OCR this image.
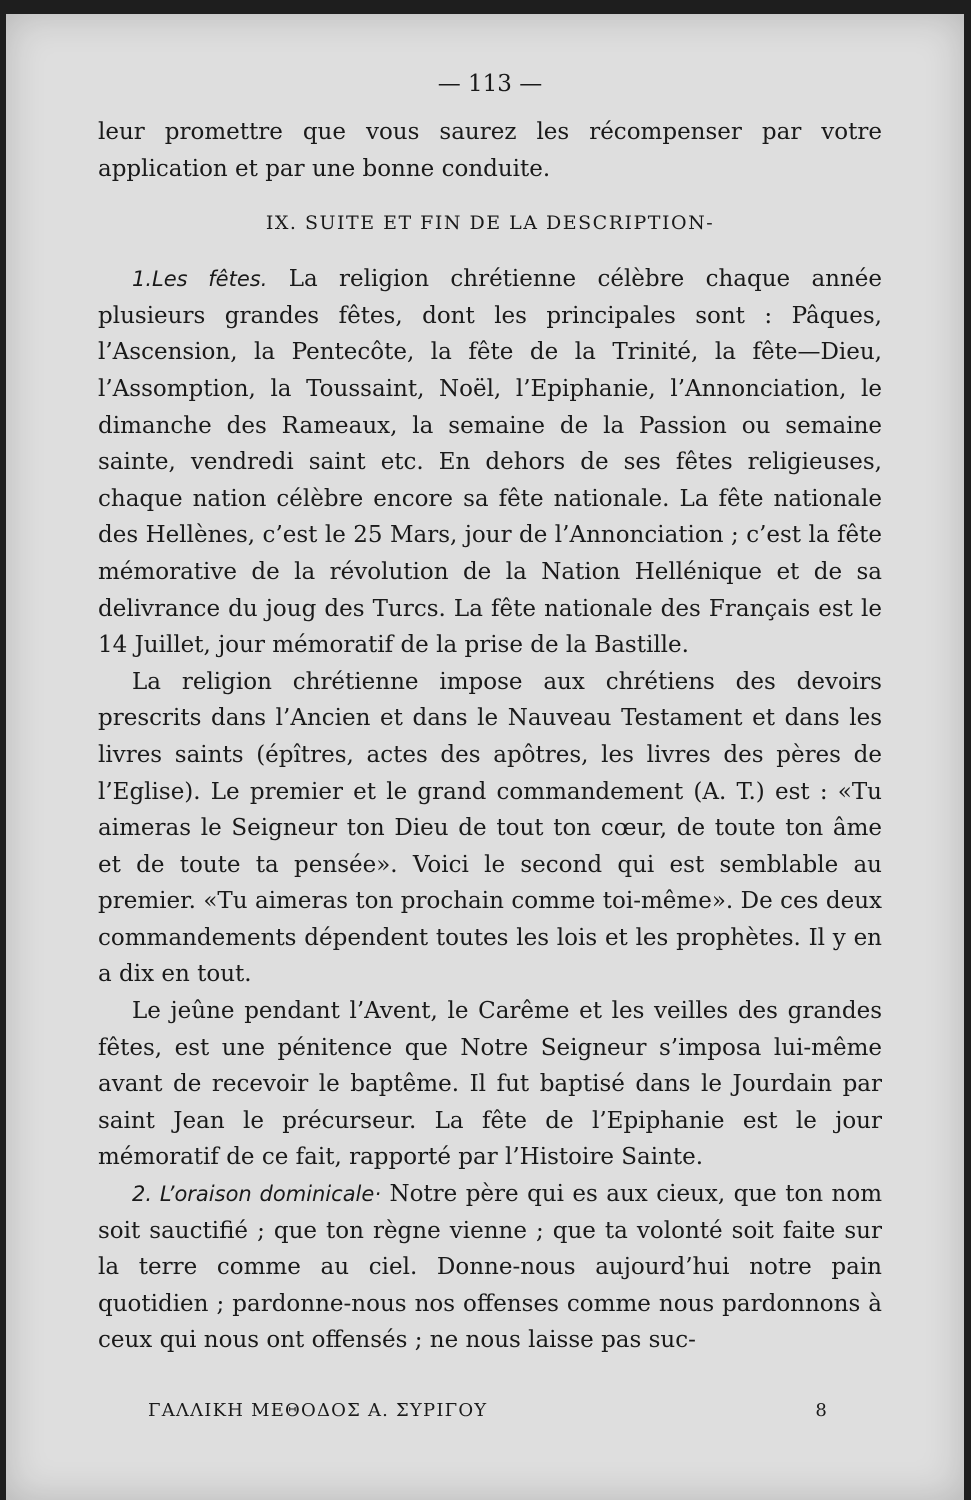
— 113 —

leur promettre que vous saurez les récompenser par votre application et par une bonne conduite.

IX. SUITE ET FIN DE LA DESCRIPTION-

1.Les fêtes. La religion chrétienne célèbre chaque année plusieurs grandes fêtes, dont les principales sont : Pâques, l’Ascension, la Pentecôte, la fête de la Trinité, la fête—Dieu, l’Assomption, la Toussaint, Noël, l’Epiphanie, l’Annonciation, le dimanche des Rameaux, la semaine de la Passion ou semaine sainte, vendredi saint etc. En dehors de ses fêtes religieuses, chaque nation célèbre encore sa fête nationale. La fête nationale des Hellènes, c’est le 25 Mars, jour de l’Annonciation ; c’est la fête mémorative de la révolution de la Nation Hellénique et de sa delivrance du joug des Turcs. La fête nationale des Français est le 14 Juillet, jour mémoratif de la prise de la Bastille.

La religion chrétienne impose aux chrétiens des devoirs prescrits dans l’Ancien et dans le Nauveau Testament et dans les livres saints (épîtres, actes des apôtres, les livres des pères de l’Eglise). Le premier et le grand commandement (A. T.) est : «Tu aimeras le Seigneur ton Dieu de tout ton cœur, de toute ton âme et de toute ta pensée». Voici le second qui est semblable au premier. «Tu aimeras ton prochain comme toi-même». De ces deux commandements dépendent toutes les lois et les prophètes. Il y en a dix en tout.

Le jeûne pendant l’Avent, le Carême et les veilles des grandes fêtes, est une pénitence que Notre Seigneur s’imposa lui-même avant de recevoir le baptême. Il fut baptisé dans le Jourdain par saint Jean le précurseur. La fête de l’Epiphanie est le jour mémoratif de ce fait, rapporté par l’Histoire Sainte.

2. L’oraison dominicale· Notre père qui es aux cieux, que ton nom soit sauctifié ; que ton règne vienne ; que ta volonté soit faite sur la terre comme au ciel. Donne-nous aujourd’hui notre pain quotidien ; pardonne-nous nos offenses comme nous pardonnons à ceux qui nous ont offensés ; ne nous laisse pas suc-

ΓΑΛΛΙΚΗ ΜΕΘΟΔΟΣ Α. ΣΥΡΙΓΟΥ	8
